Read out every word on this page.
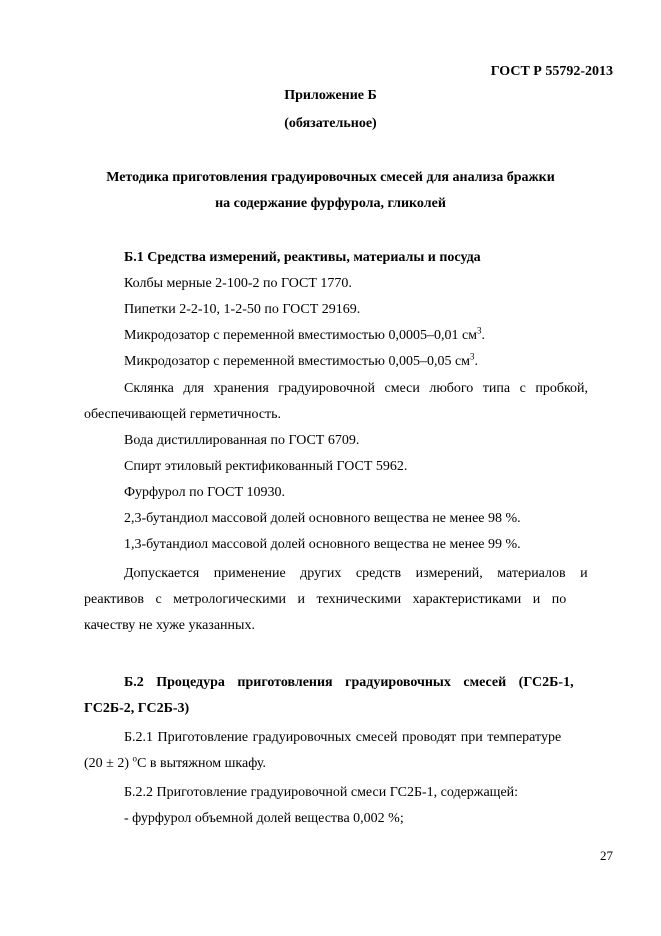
ГОСТ Р 55792-2013
Приложение Б
(обязательное)
Методика приготовления градуировочных смесей для анализа бражки
на содержание фурфурола, гликолей
Б.1 Средства измерений, реактивы, материалы и посуда
Колбы мерные 2-100-2 по ГОСТ 1770.
Пипетки 2-2-10, 1-2-50 по ГОСТ 29169.
Микродозатор с переменной вместимостью 0,0005–0,01 $см^3$.
Микродозатор с переменной вместимостью 0,005–0,05 $см^3$.
Склянка для хранения градуировочной смеси любого типа с пробкой,
обеспечивающей герметичность.
Вода дистиллированная по ГОСТ 6709.
Спирт этиловый ректификованный ГОСТ 5962.
Фурфурол по ГОСТ 10930.
2,3-бутандиол массовой долей основного вещества не менее 98 %.
1,3-бутандиол массовой долей основного вещества не менее 99 %.
Допускается применение других средств измерений, материалов и
реактивов с метрологическими и техническими характеристиками и по
качеству не хуже указанных.
Б.2 Процедура приготовления градуировочных смесей (ГС2Б-1,
ГС2Б-2, ГС2Б-3)
Б.2.1 Приготовление градуировочных смесей проводят при температуре
(20 ± 2) $^о$С в вытяжном шкафу.
Б.2.2 Приготовление градуировочной смеси ГС2Б-1, содержащей:
- фурфурол объемной долей вещества 0,002 %;
27
